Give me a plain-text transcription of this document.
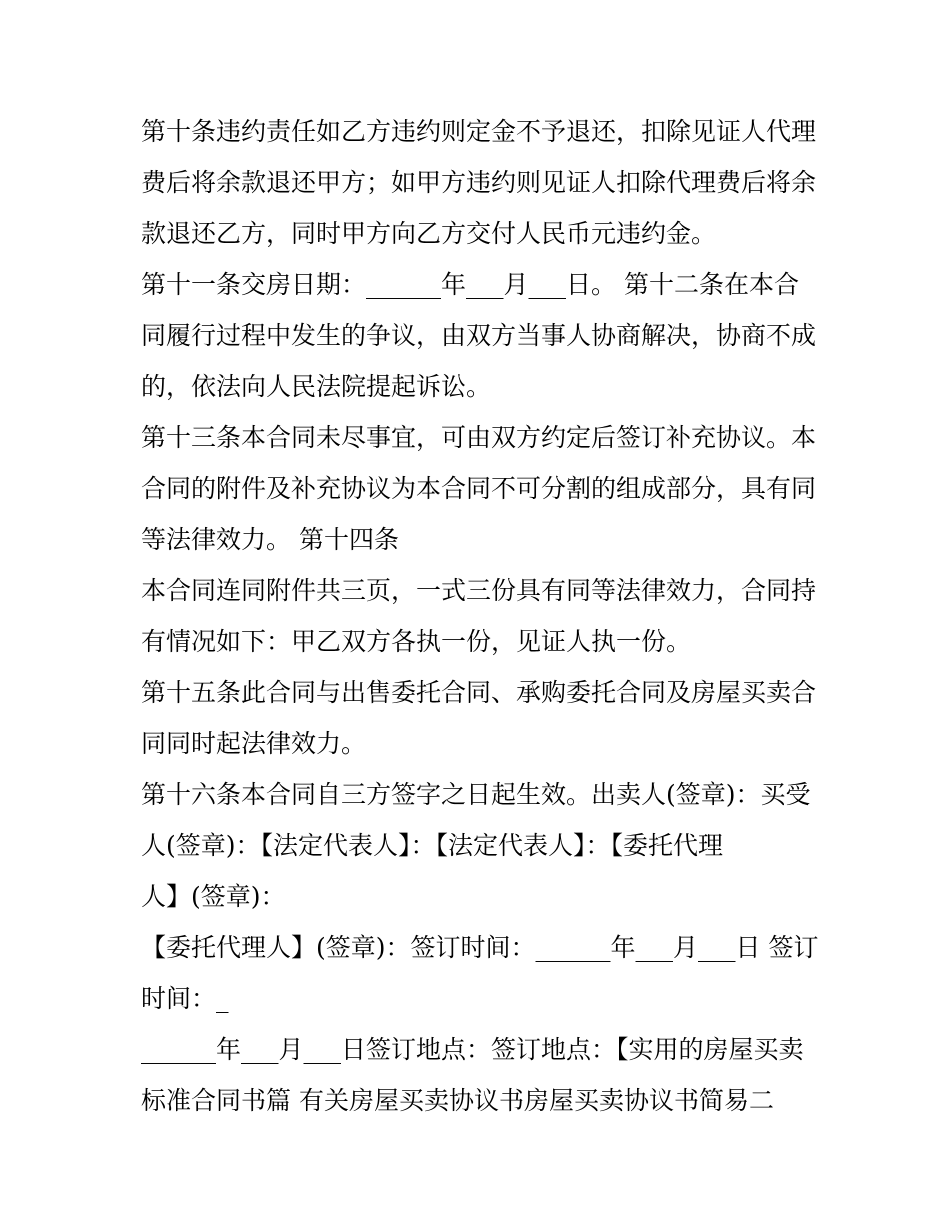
第十条违约责任如乙方违约则定金不予退还，扣除见证人代理
费后将余款退还甲方；如甲方违约则见证人扣除代理费后将余
款退还乙方，同时甲方向乙方交付人民币元违约金。
第十一条交房日期：______年___月___日。 第十二条在本合
同履行过程中发生的争议，由双方当事人协商解决，协商不成
的，依法向人民法院提起诉讼。
第十三条本合同未尽事宜，可由双方约定后签订补充协议。本
合同的附件及补充协议为本合同不可分割的组成部分，具有同
等法律效力。 第十四条
本合同连同附件共三页，一式三份具有同等法律效力，合同持
有情况如下：甲乙双方各执一份，见证人执一份。
第十五条此合同与出售委托合同、承购委托合同及房屋买卖合
同同时起法律效力。
第十六条本合同自三方签字之日起生效。出卖人(签章)：买受
人(签章)：【法定代表人】：【法定代表人】：【委托代理
人】(签章)：
【委托代理人】(签章)：签订时间：______年___月___日 签订
时间：_
______年___月___日签订地点：签订地点：【实用的房屋买卖
标准合同书篇 有关房屋买卖协议书房屋买卖协议书简易二
